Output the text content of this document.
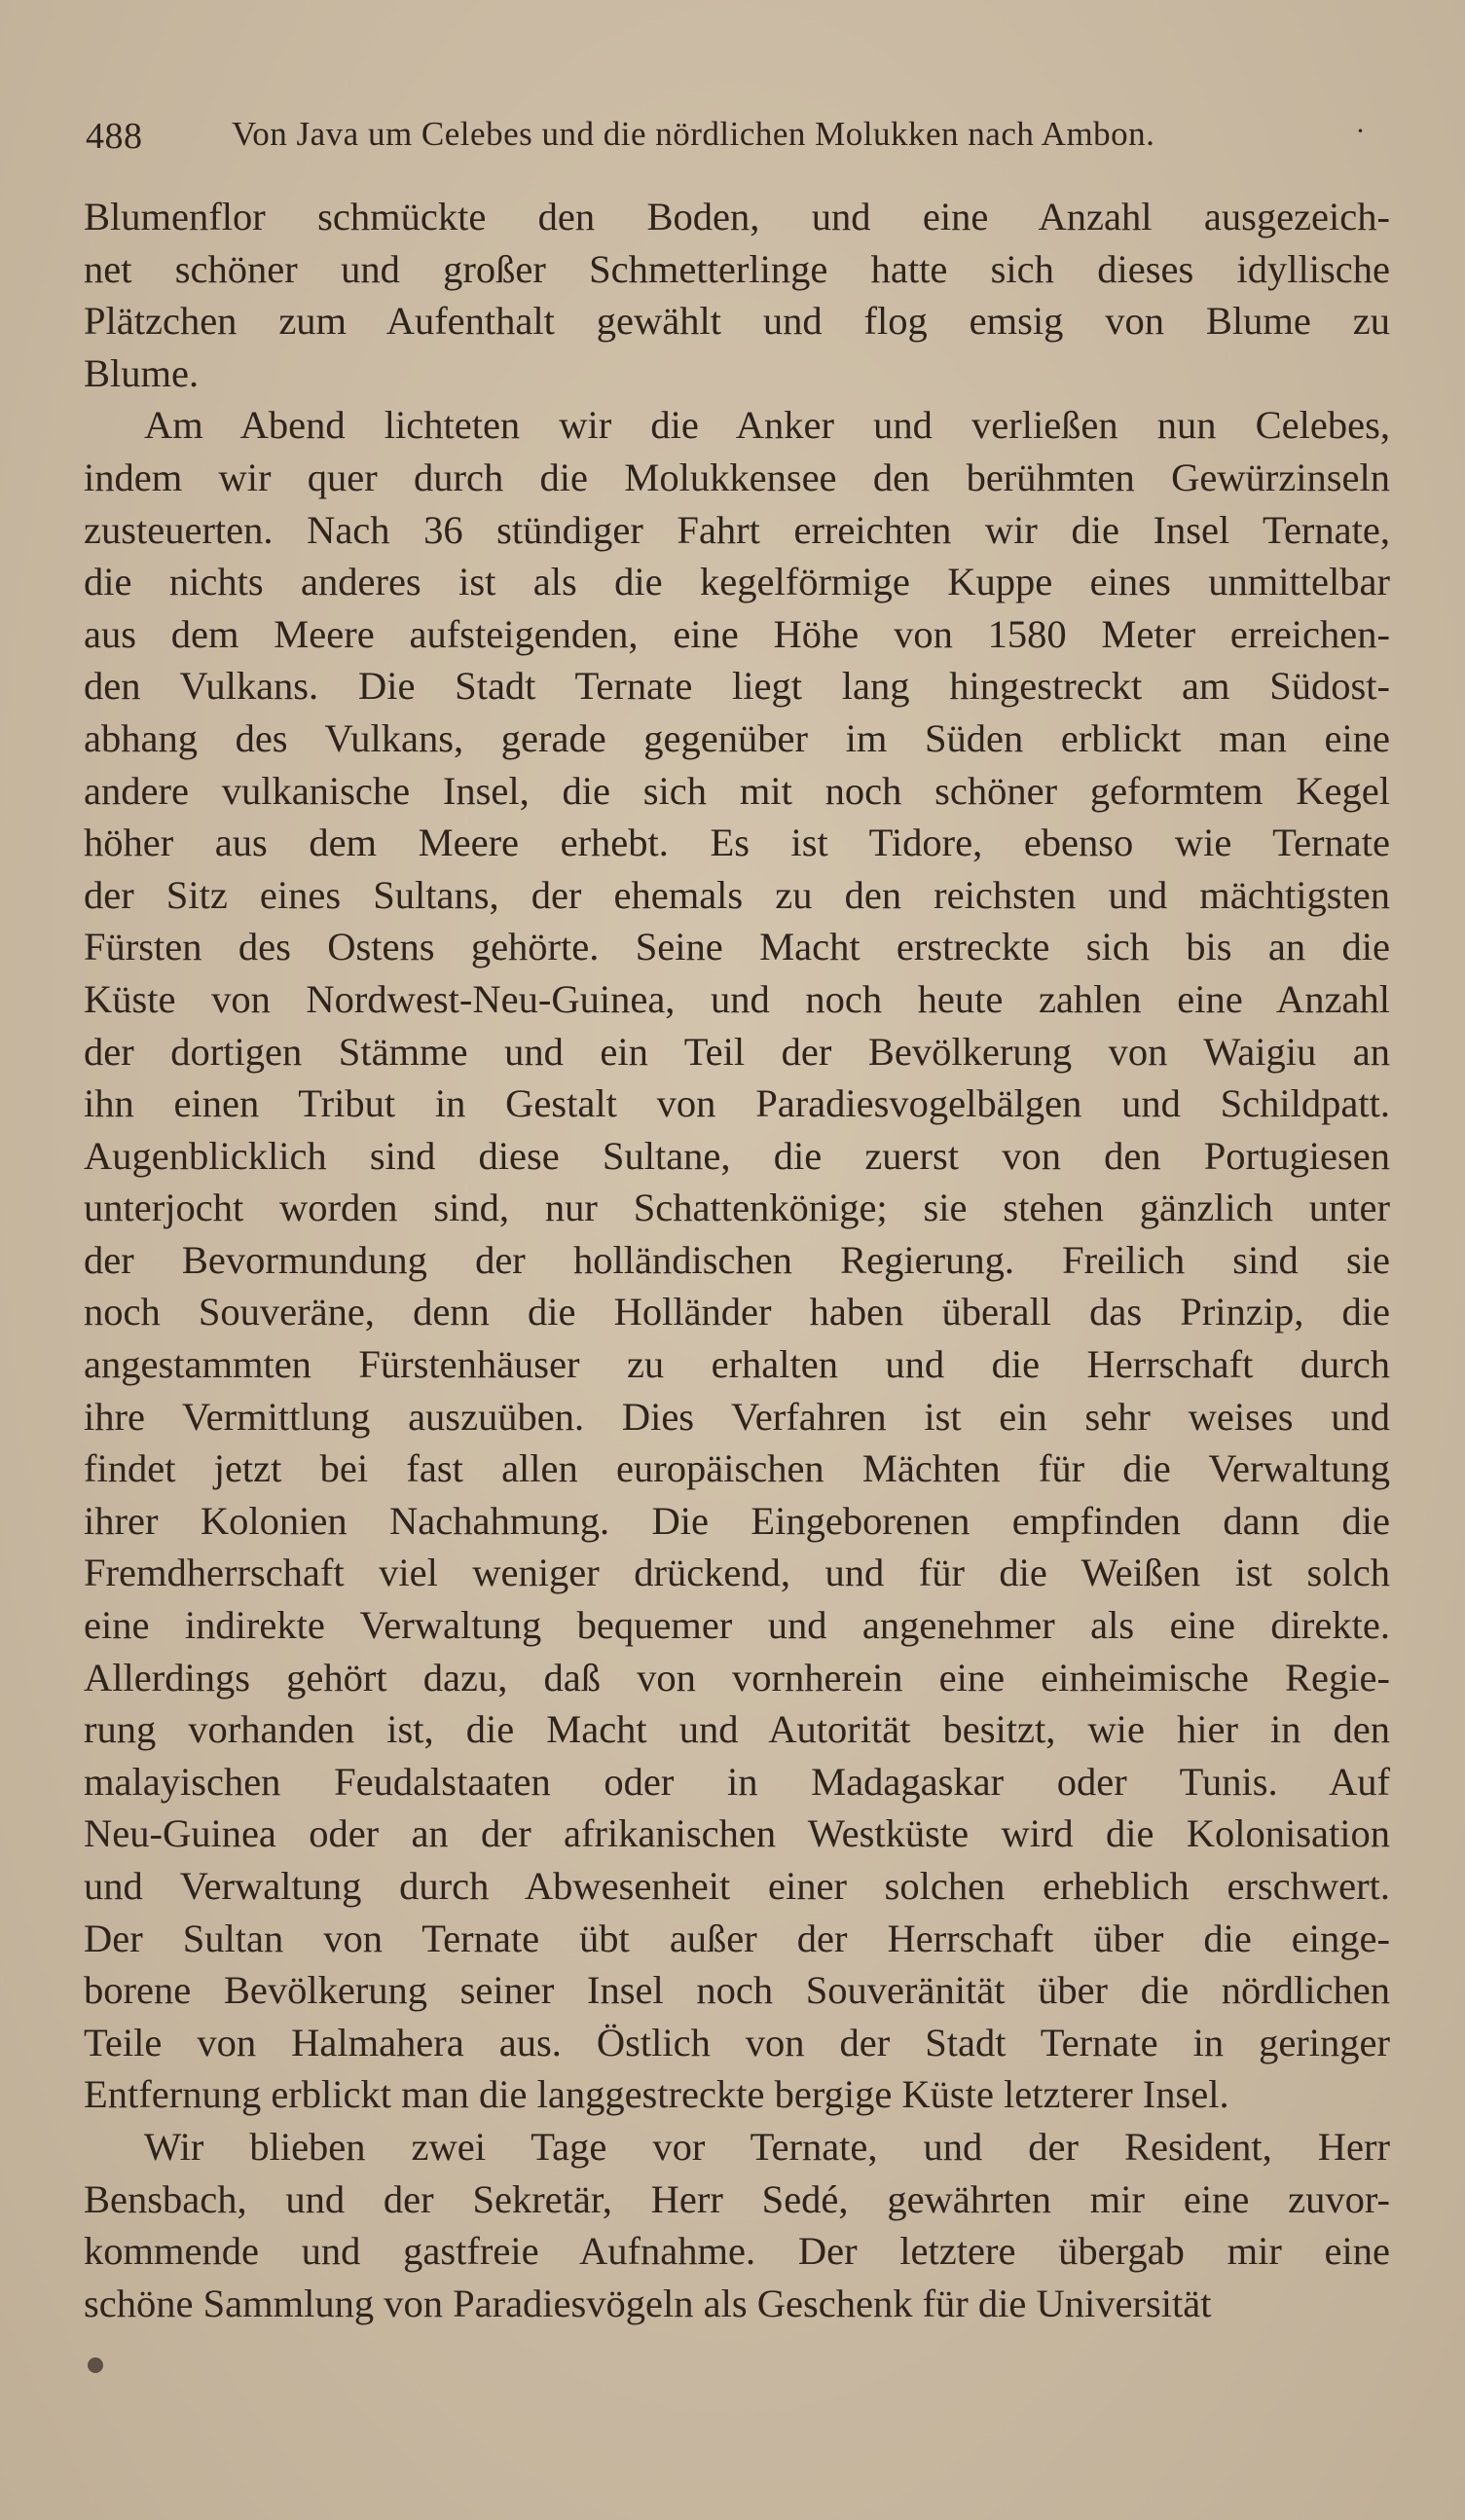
488	Von Java um Celebes und die nördlichen Molukken nach Ambon.	·
Blumenflor schmückte den Boden, und eine Anzahl ausgezeich-
net schöner und großer Schmetterlinge hatte sich dieses idyllische
Plätzchen zum Aufenthalt gewählt und flog emsig von Blume zu
Blume.
Am Abend lichteten wir die Anker und verließen nun Celebes,
indem wir quer durch die Molukkensee den berühmten Gewürzinseln
zusteuerten. Nach 36 stündiger Fahrt erreichten wir die Insel Ternate,
die nichts anderes ist als die kegelförmige Kuppe eines unmittelbar
aus dem Meere aufsteigenden, eine Höhe von 1580 Meter erreichen-
den Vulkans. Die Stadt Ternate liegt lang hingestreckt am Südost-
abhang des Vulkans, gerade gegenüber im Süden erblickt man eine
andere vulkanische Insel, die sich mit noch schöner geformtem Kegel
höher aus dem Meere erhebt. Es ist Tidore, ebenso wie Ternate
der Sitz eines Sultans, der ehemals zu den reichsten und mächtigsten
Fürsten des Ostens gehörte. Seine Macht erstreckte sich bis an die
Küste von Nordwest-Neu-Guinea, und noch heute zahlen eine Anzahl
der dortigen Stämme und ein Teil der Bevölkerung von Waigiu an
ihn einen Tribut in Gestalt von Paradiesvogelbälgen und Schildpatt.
Augenblicklich sind diese Sultane, die zuerst von den Portugiesen
unterjocht worden sind, nur Schattenkönige; sie stehen gänzlich unter
der Bevormundung der holländischen Regierung. Freilich sind sie
noch Souveräne, denn die Holländer haben überall das Prinzip, die
angestammten Fürstenhäuser zu erhalten und die Herrschaft durch
ihre Vermittlung auszuüben. Dies Verfahren ist ein sehr weises und
findet jetzt bei fast allen europäischen Mächten für die Verwaltung
ihrer Kolonien Nachahmung. Die Eingeborenen empfinden dann die
Fremdherrschaft viel weniger drückend, und für die Weißen ist solch
eine indirekte Verwaltung bequemer und angenehmer als eine direkte.
Allerdings gehört dazu, daß von vornherein eine einheimische Regie-
rung vorhanden ist, die Macht und Autorität besitzt, wie hier in den
malayischen Feudalstaaten oder in Madagaskar oder Tunis. Auf
Neu-Guinea oder an der afrikanischen Westküste wird die Kolonisation
und Verwaltung durch Abwesenheit einer solchen erheblich erschwert.
Der Sultan von Ternate übt außer der Herrschaft über die einge-
borene Bevölkerung seiner Insel noch Souveränität über die nördlichen
Teile von Halmahera aus. Östlich von der Stadt Ternate in geringer
Entfernung erblickt man die langgestreckte bergige Küste letzterer Insel.
Wir blieben zwei Tage vor Ternate, und der Resident, Herr
Bensbach, und der Sekretär, Herr Sedé, gewährten mir eine zuvor-
kommende und gastfreie Aufnahme. Der letztere übergab mir eine
schöne Sammlung von Paradiesvögeln als Geschenk für die Universität
